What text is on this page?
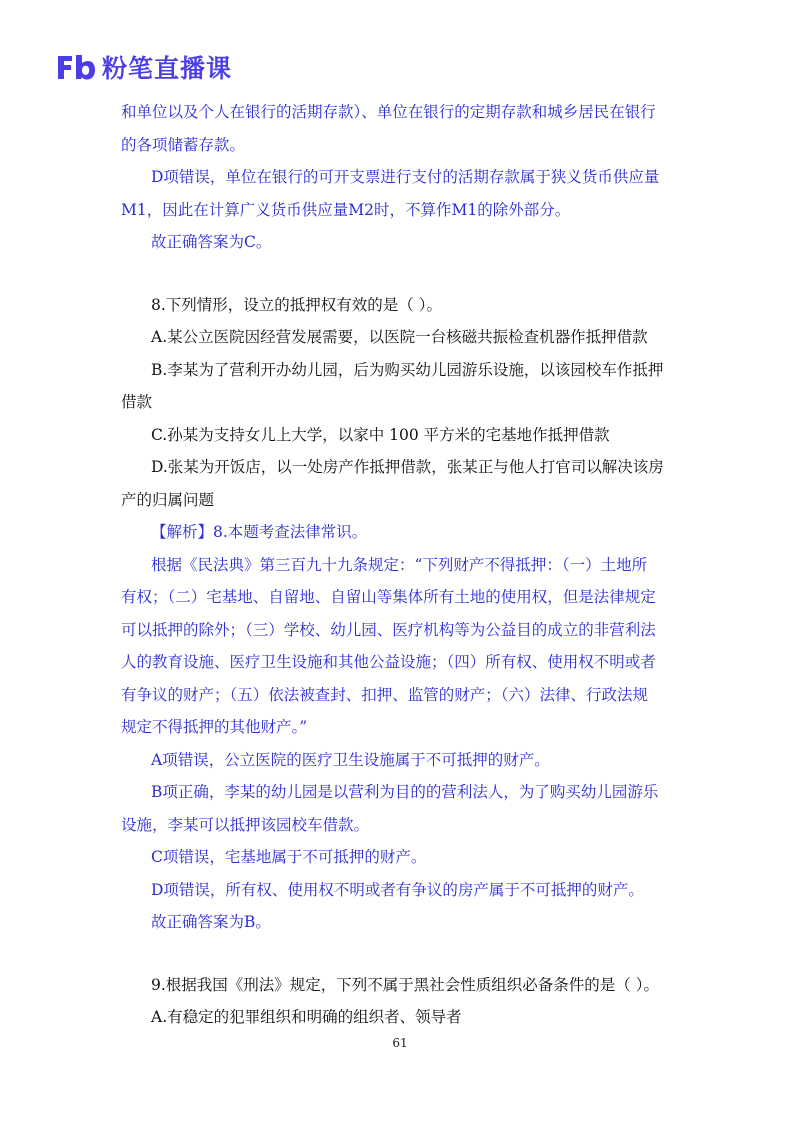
粉笔直播课

和单位以及个人在银行的活期存款）、单位在银行的定期存款和城乡居民在银行

的各项储蓄存款。

D项错误，单位在银行的可开支票进行支付的活期存款属于狭义货币供应量

M1，因此在计算广义货币供应量M2时，不算作M1的除外部分。

故正确答案为C。

8.下列情形，设立的抵押权有效的是（ ）。

A.某公立医院因经营发展需要，以医院一台核磁共振检查机器作抵押借款

B.李某为了营利开办幼儿园，后为购买幼儿园游乐设施，以该园校车作抵押

借款

C.孙某为支持女儿上大学，以家中 100 平方米的宅基地作抵押借款

D.张某为开饭店，以一处房产作抵押借款，张某正与他人打官司以解决该房

产的归属问题

【解析】8.本题考查法律常识。

根据《民法典》第三百九十九条规定：“下列财产不得抵押：（一）土地所

有权；（二）宅基地、自留地、自留山等集体所有土地的使用权，但是法律规定

可以抵押的除外；（三）学校、幼儿园、医疗机构等为公益目的成立的非营利法

人的教育设施、医疗卫生设施和其他公益设施；（四）所有权、使用权不明或者

有争议的财产；（五）依法被查封、扣押、监管的财产；（六）法律、行政法规

规定不得抵押的其他财产。”

A项错误，公立医院的医疗卫生设施属于不可抵押的财产。

B项正确，李某的幼儿园是以营利为目的的营利法人，为了购买幼儿园游乐

设施，李某可以抵押该园校车借款。

C项错误，宅基地属于不可抵押的财产。

D项错误，所有权、使用权不明或者有争议的房产属于不可抵押的财产。

故正确答案为B。

9.根据我国《刑法》规定，下列不属于黑社会性质组织必备条件的是（ ）。

A.有稳定的犯罪组织和明确的组织者、领导者

61
